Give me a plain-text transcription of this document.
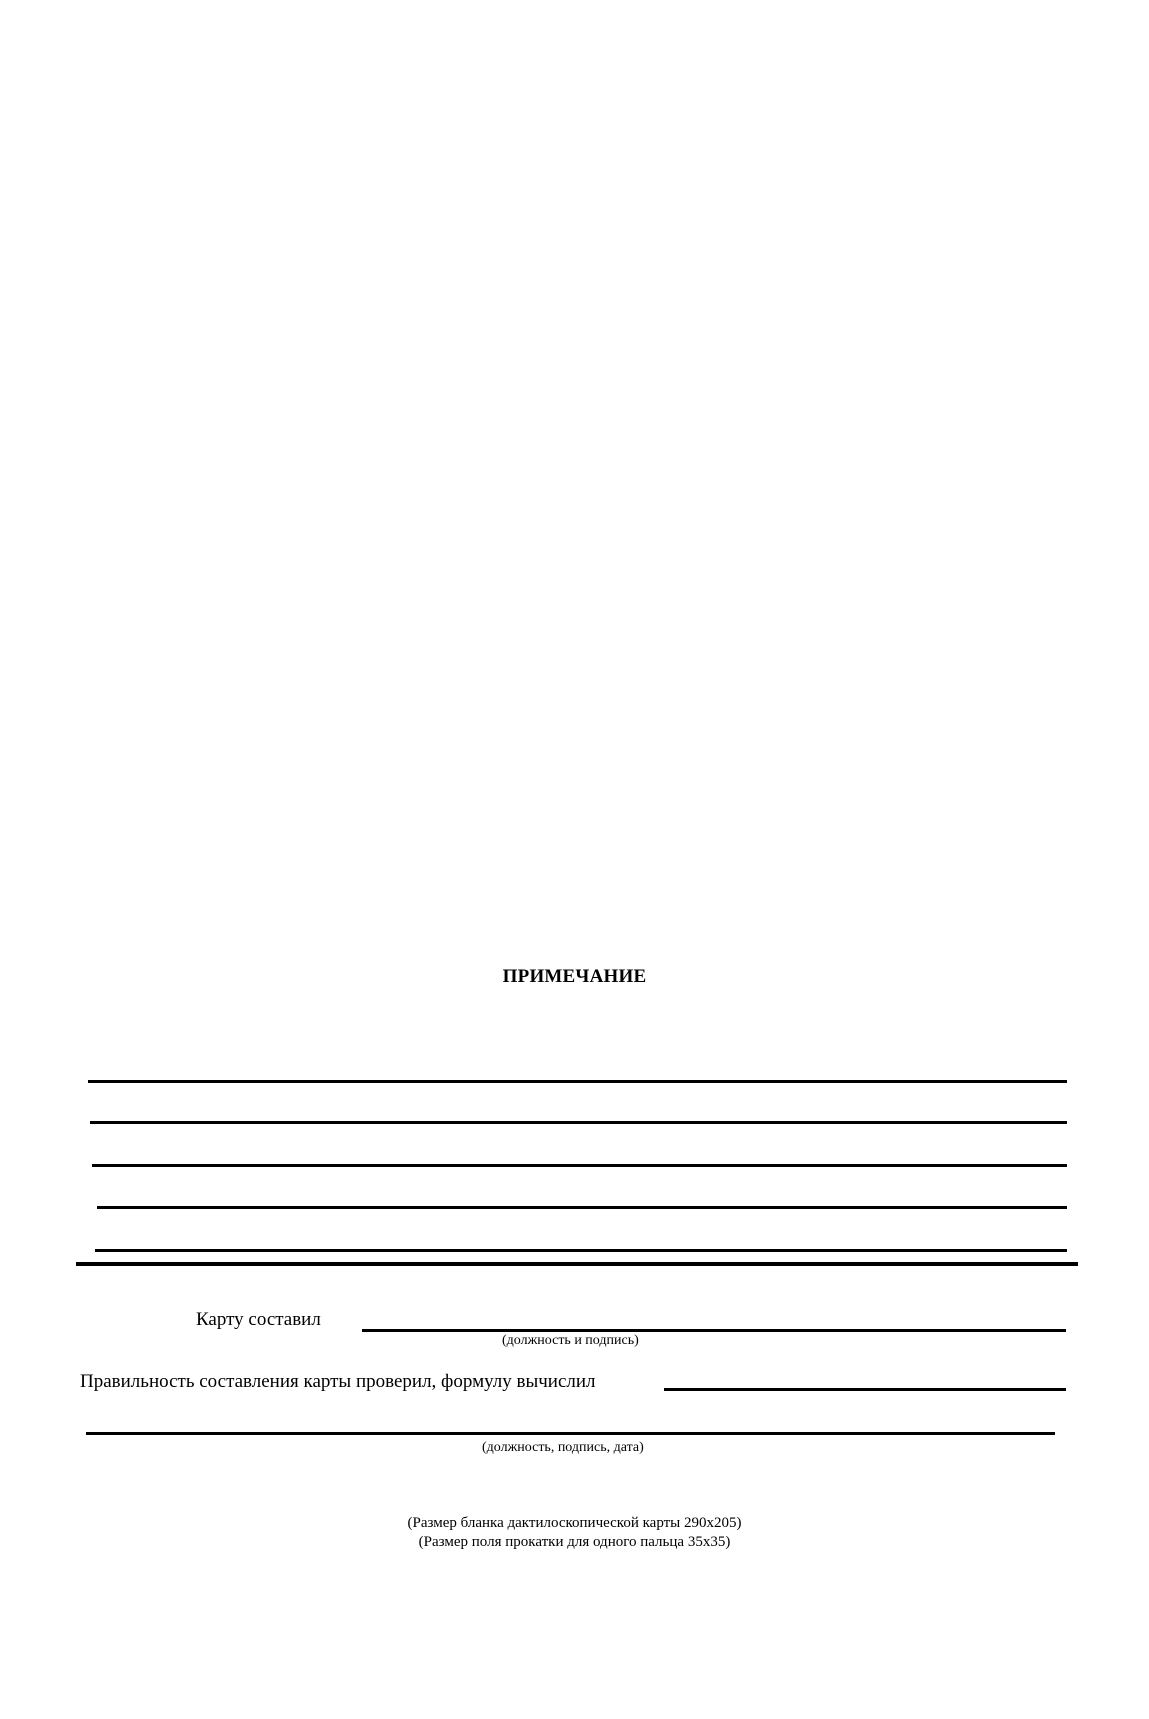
ПРИМЕЧАНИЕ
Карту составил
(должность и подпись)
Правильность составления карты проверил, формулу вычислил
(должность, подпись, дата)
(Размер бланка дактилоскопической карты 290х205)
(Размер поля прокатки для одного пальца 35х35)
